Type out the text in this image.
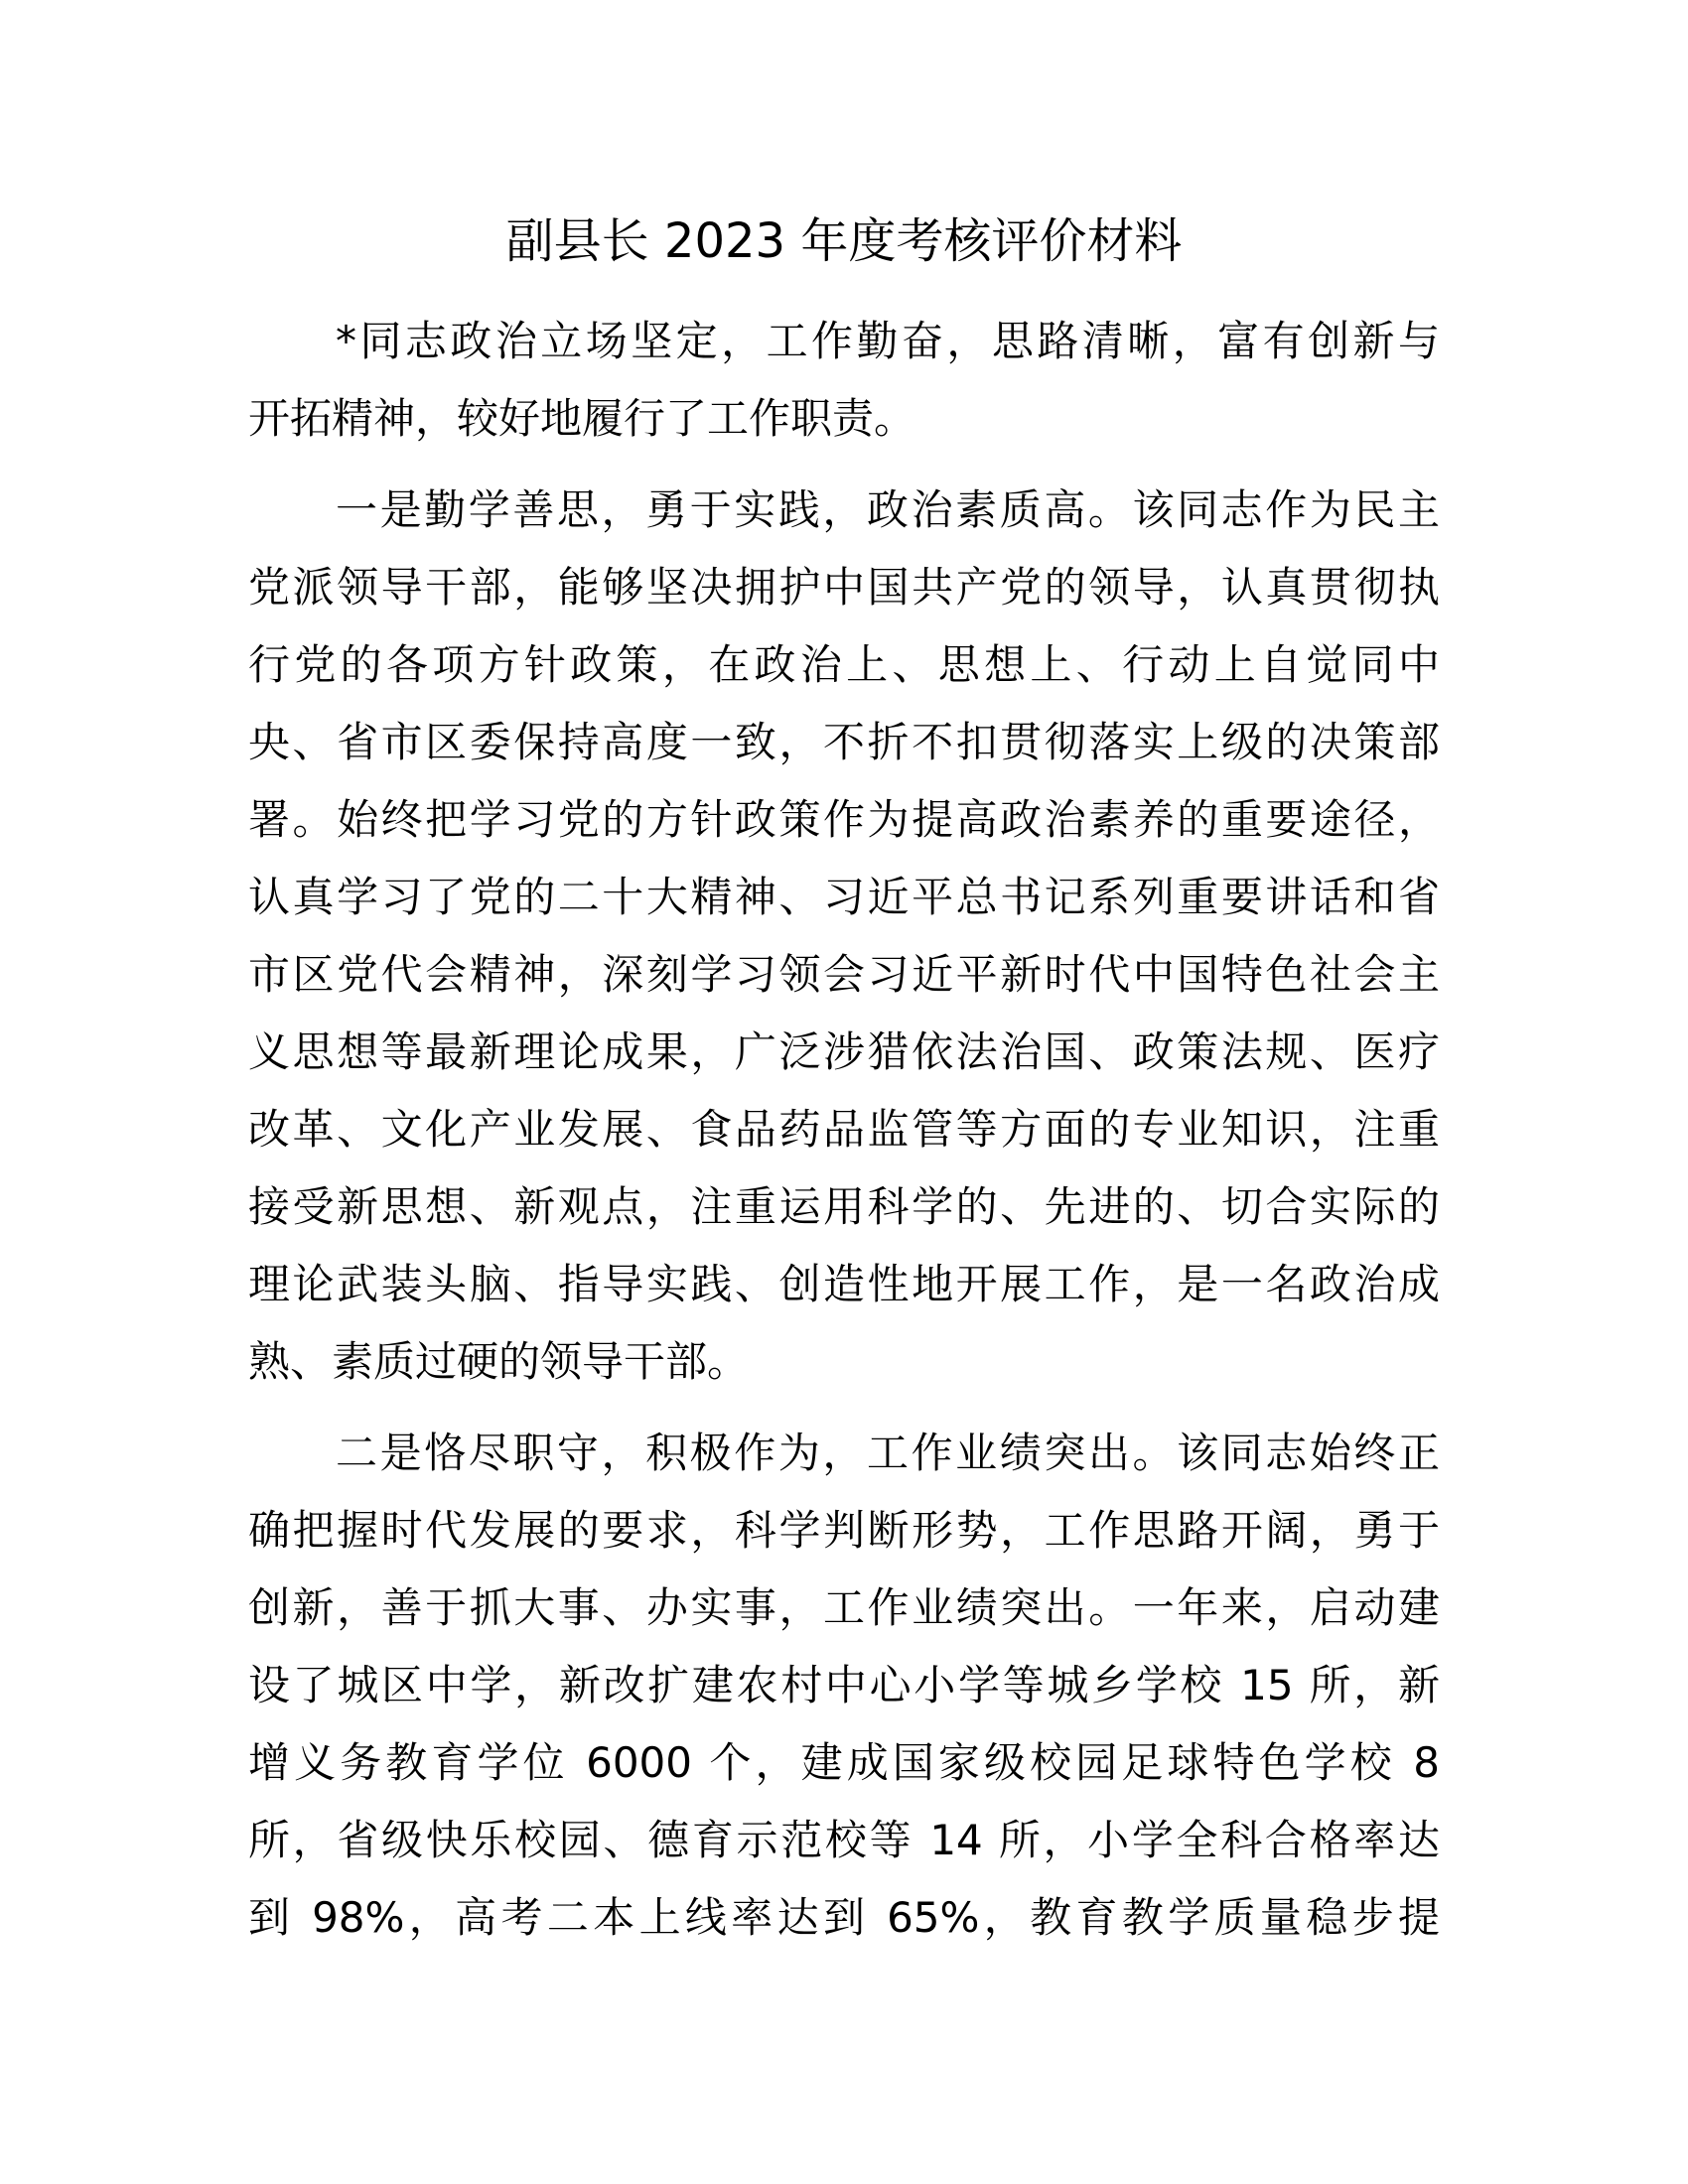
副县长 2023 年度考核评价材料
*同志政治立场坚定，工作勤奋，思路清晰，富有创新与
开拓精神，较好地履行了工作职责。
一是勤学善思，勇于实践，政治素质高。该同志作为民主
党派领导干部，能够坚决拥护中国共产党的领导，认真贯彻执
行党的各项方针政策，在政治上、思想上、行动上自觉同中
央、省市区委保持高度一致，不折不扣贯彻落实上级的决策部
署。始终把学习党的方针政策作为提高政治素养的重要途径，
认真学习了党的二十大精神、习近平总书记系列重要讲话和省
市区党代会精神，深刻学习领会习近平新时代中国特色社会主
义思想等最新理论成果，广泛涉猎依法治国、政策法规、医疗
改革、文化产业发展、食品药品监管等方面的专业知识，注重
接受新思想、新观点，注重运用科学的、先进的、切合实际的
理论武装头脑、指导实践、创造性地开展工作，是一名政治成
熟、素质过硬的领导干部。
二是恪尽职守，积极作为，工作业绩突出。该同志始终正
确把握时代发展的要求，科学判断形势，工作思路开阔，勇于
创新，善于抓大事、办实事，工作业绩突出。一年来，启动建
设了城区中学，新改扩建农村中心小学等城乡学校 15 所，新
增义务教育学位 6000 个，建成国家级校园足球特色学校 8
所，省级快乐校园、德育示范校等 14 所，小学全科合格率达
到 98%，高考二本上线率达到 65%，教育教学质量稳步提
